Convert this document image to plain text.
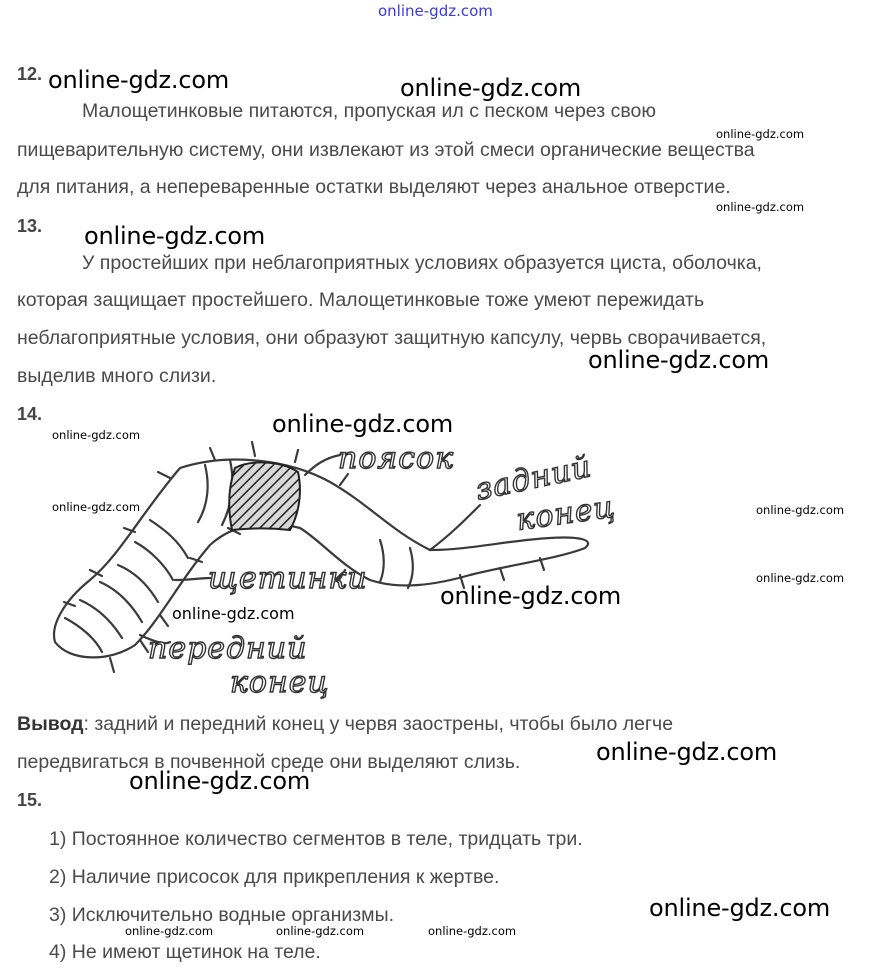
online-gdz.com
12.
Малощетинковые питаются, пропуская ил с песком через свою
пищеварительную систему, они извлекают из этой смеси органические вещества
для питания, а непереваренные остатки выделяют через анальное отверстие.
13.
У простейших при неблагоприятных условиях образуется циста, оболочка,
которая защищает простейшего. Малощетинковые тоже умеют пережидать
неблагоприятные условия, они образуют защитную капсулу, червь сворачивается,
выделив много слизи.
14.
поясок задний
конец
щетинки
передний
конец
Вывод: задний и передний конец у червя заострены, чтобы было легче
передвигаться в почвенной среде они выделяют слизь.
15.
1) Постоянное количество сегментов в теле, тридцать три.
2) Наличие присосок для прикрепления к жертве.
3) Исключительно водные организмы.
4) Не имеют щетинок на теле.
online-gdz.com	online-gdz.com
online-gdz.com
online-gdz.com
online-gdz.com
online-gdz.com
online-gdz.com
online-gdz.com
online-gdz.com
online-gdz.com
online-gdz.com
online-gdz.com
online-gdz.com	online-gdz.com
online-gdz.com
online-gdz.com
online-gdz.com	online-gdz.com	online-gdz.com
